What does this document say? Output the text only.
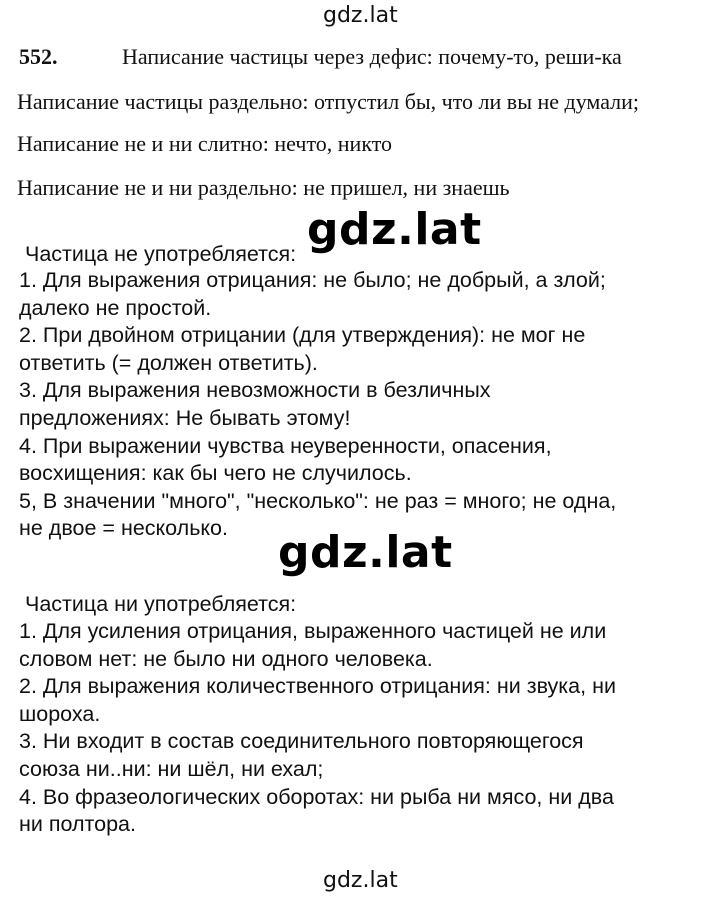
gdz.lat
552.	Написание частицы через дефис: почему-то, реши-ка
Написание частицы раздельно: отпустил бы, что ли вы не думали;
Написание не и ни слитно: нечто, никто
Написание не и ни раздельно: не пришел, ни знаешь
gdz.lat
Частица не употребляется:
1. Для выражения отрицания: не было; не добрый, а злой;
далеко не простой.
2. При двойном отрицании (для утверждения): не мог не
ответить (= должен ответить).
3. Для выражения невозможности в безличных
предложениях: Не бывать этому!
4. При выражении чувства неуверенности, опасения,
восхищения: как бы чего не случилось.
5, В значении "много", "несколько": не раз = много; не одна,
не двое = несколько.	gdz.lat
Частица ни употребляется:
1. Для усиления отрицания, выраженного частицей не или
словом нет: не было ни одного человека.
2. Для выражения количественного отрицания: ни звука, ни
шороха.
3. Ни входит в состав соединительного повторяющегося
союза ни..ни: ни шёл, ни ехал;
4. Во фразеологических оборотах: ни рыба ни мясо, ни два
ни полтора.
gdz.lat
